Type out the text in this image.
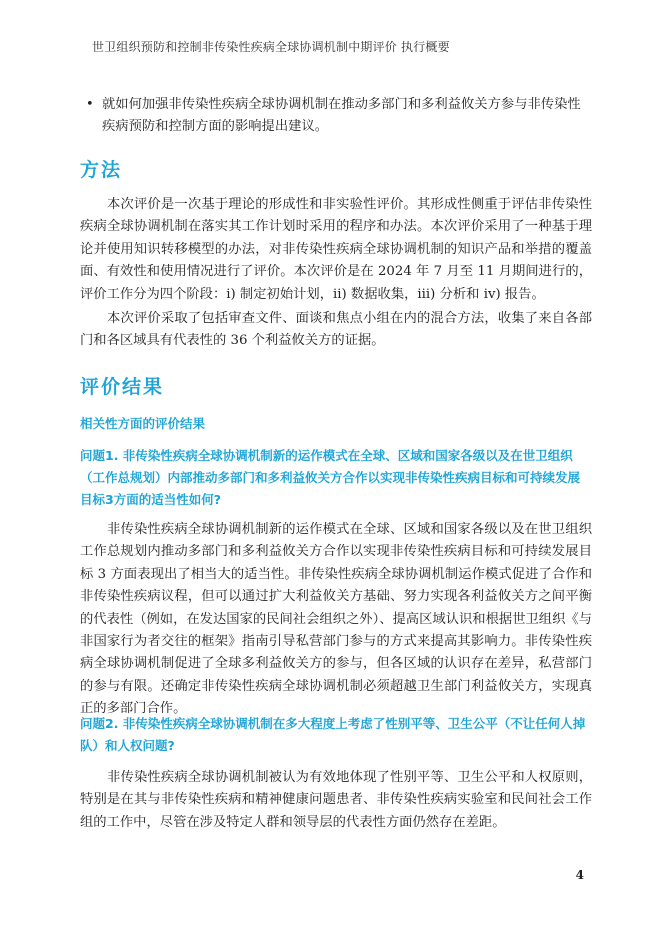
世卫组织预防和控制非传染性疾病全球协调机制中期评价 执行概要
• 就如何加强非传染性疾病全球协调机制在推动多部门和多利益攸关方参与非传染性疾病预防和控制方面的影响提出建议。
方法

本次评价是一次基于理论的形成性和非实验性评价。其形成性侧重于评估非传染性疾病全球协调机制在落实其工作计划时采用的程序和办法。本次评价采用了一种基于理论并使用知识转移模型的办法，对非传染性疾病全球协调机制的知识产品和举措的覆盖面、有效性和使用情况进行了评价。本次评价是在 2024 年 7 月至 11 月期间进行的，评价工作分为四个阶段：i) 制定初始计划，ii) 数据收集，iii) 分析和 iv) 报告。

本次评价采取了包括审查文件、面谈和焦点小组在内的混合方法，收集了来自各部门和各区域具有代表性的 36 个利益攸关方的证据。

评价结果
相关性方面的评价结果
问题1. 非传染性疾病全球协调机制新的运作模式在全球、区域和国家各级以及在世卫组织（工作总规划）内部推动多部门和多利益攸关方合作以实现非传染性疾病目标和可持续发展目标3方面的适当性如何?

非传染性疾病全球协调机制新的运作模式在全球、区域和国家各级以及在世卫组织工作总规划内推动多部门和多利益攸关方合作以实现非传染性疾病目标和可持续发展目标 3 方面表现出了相当大的适当性。非传染性疾病全球协调机制运作模式促进了合作和非传染性疾病议程，但可以通过扩大利益攸关方基础、努力实现各利益攸关方之间平衡的代表性（例如，在发达国家的民间社会组织之外）、提高区域认识和根据世卫组织《与非国家行为者交往的框架》指南引导私营部门参与的方式来提高其影响力。非传染性疾病全球协调机制促进了全球多利益攸关方的参与，但各区域的认识存在差异，私营部门的参与有限。还确定非传染性疾病全球协调机制必须超越卫生部门利益攸关方，实现真正的多部门合作。

问题2. 非传染性疾病全球协调机制在多大程度上考虑了性别平等、卫生公平（不让任何人掉队）和人权问题?

非传染性疾病全球协调机制被认为有效地体现了性别平等、卫生公平和人权原则，特别是在其与非传染性疾病和精神健康问题患者、非传染性疾病实验室和民间社会工作组的工作中，尽管在涉及特定人群和领导层的代表性方面仍然存在差距。

4
